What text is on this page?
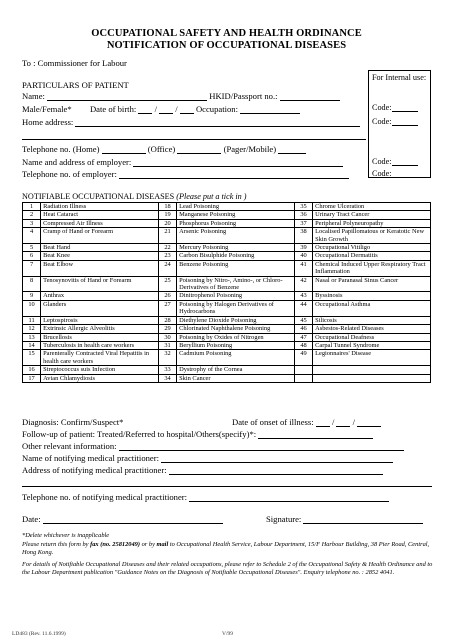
OCCUPATIONAL SAFETY AND HEALTH ORDINANCE
NOTIFICATION OF OCCUPATIONAL DISEASES
To : Commissioner for Labour
PARTICULARS OF PATIENT
Name:	HKID/Passport no.:
Male/Female* Date of birth: / / Occupation:
Home address:
Telephone no. (Home)	(Office)	(Pager/Mobile)
Name and address of employer:
Telephone no. of employer:
For Internal use:
Code:
Code:
Code:
Code:
NOTIFIABLE OCCUPATIONAL DISEASES (Please put a tick in )
1	Radiation Illness	18	Lead Poisoning	35	Chrome Ulceration
2	Heat Cataract	19	Manganese Poisoning	36	Urinary Tract Cancer
3	Compressed Air Illness	20	Phosphorus Poisoning	37	Peripheral Polyneuropathy
4	Cramp of Hand or Forearm	21	Arsenic Poisoning	38	Localised Papillomatous or Keratotic New Skin Growth
5	Beat Hand	22	Mercury Poisoning	39	Occupational Vitiligo
6	Beat Knee	23	Carbon Bisulphide Poisoning	40	Occupational Dermatitis
7	Beat Elbow	24	Benzene Poisoning	41	Chemical Induced Upper Respiratory Tract Inflammation
8	Tenosynovitis of Hand or Forearm	25	Poisoning by Nitro-, Amino-, or Chloro- Derivatives of Benzene	42	Nasal or Paranasal Sinus Cancer
9	Anthrax	26	Dinitrophenol Poisoning	43	Byssinosis
10	Glanders	27	Poisoning by Halogen Derivatives of Hydrocarbons	44	Occupational Asthma
11	Leptospirosis	28	Diethylene Dioxide Poisoning	45	Silicosis
12	Extrinsic Allergic Alveolitis	29	Chlorinated Naphthalene Poisoning	46	Asbestos-Related Diseases
13	Brucellosis	30	Poisoning by Oxides of Nitrogen	47	Occupational Deafness
14	Tuberculosis in health care workers	31	Beryllium Poisoning	48	Carpal Tunnel Syndrome
15	Parenterally Contracted Viral Hepatitis in health care workers	32	Cadmium Poisoning	49	Legionnaires' Disease
16	Streptococcus suis Infection	33	Dystrophy of the Cornea		
17	Avian Chlamydiosis	34	Skin Cancer		
Diagnosis: Confirm/Suspect*	Date of onset of illness: / /
Follow-up of patient: Treated/Referred to hospital/Others(specify)*:
Other relevant information:
Name of notifying medical practitioner:
Address of notifying medical practitioner:
Telephone no. of notifying medical practitioner:
Date:	Signature:
*Delete whichever is inapplicable
Please return this form by fax (no. 25812049) or by mail to Occupational Health Service, Labour Department, 15/F Harbour Building, 38 Pier Road, Central, Hong Kong.
For details of Notifiable Occupational Diseases and their related occupations, please refer to Schedule 2 of the Occupational Safety & Health Ordinance and to the Labour Department publication "Guidance Notes on the Diagnosis of Notifiable Occupational Diseases". Enquiry telephone no. : 2852 4041.
LD483 (Rev. 11.6.1999)	V/99
